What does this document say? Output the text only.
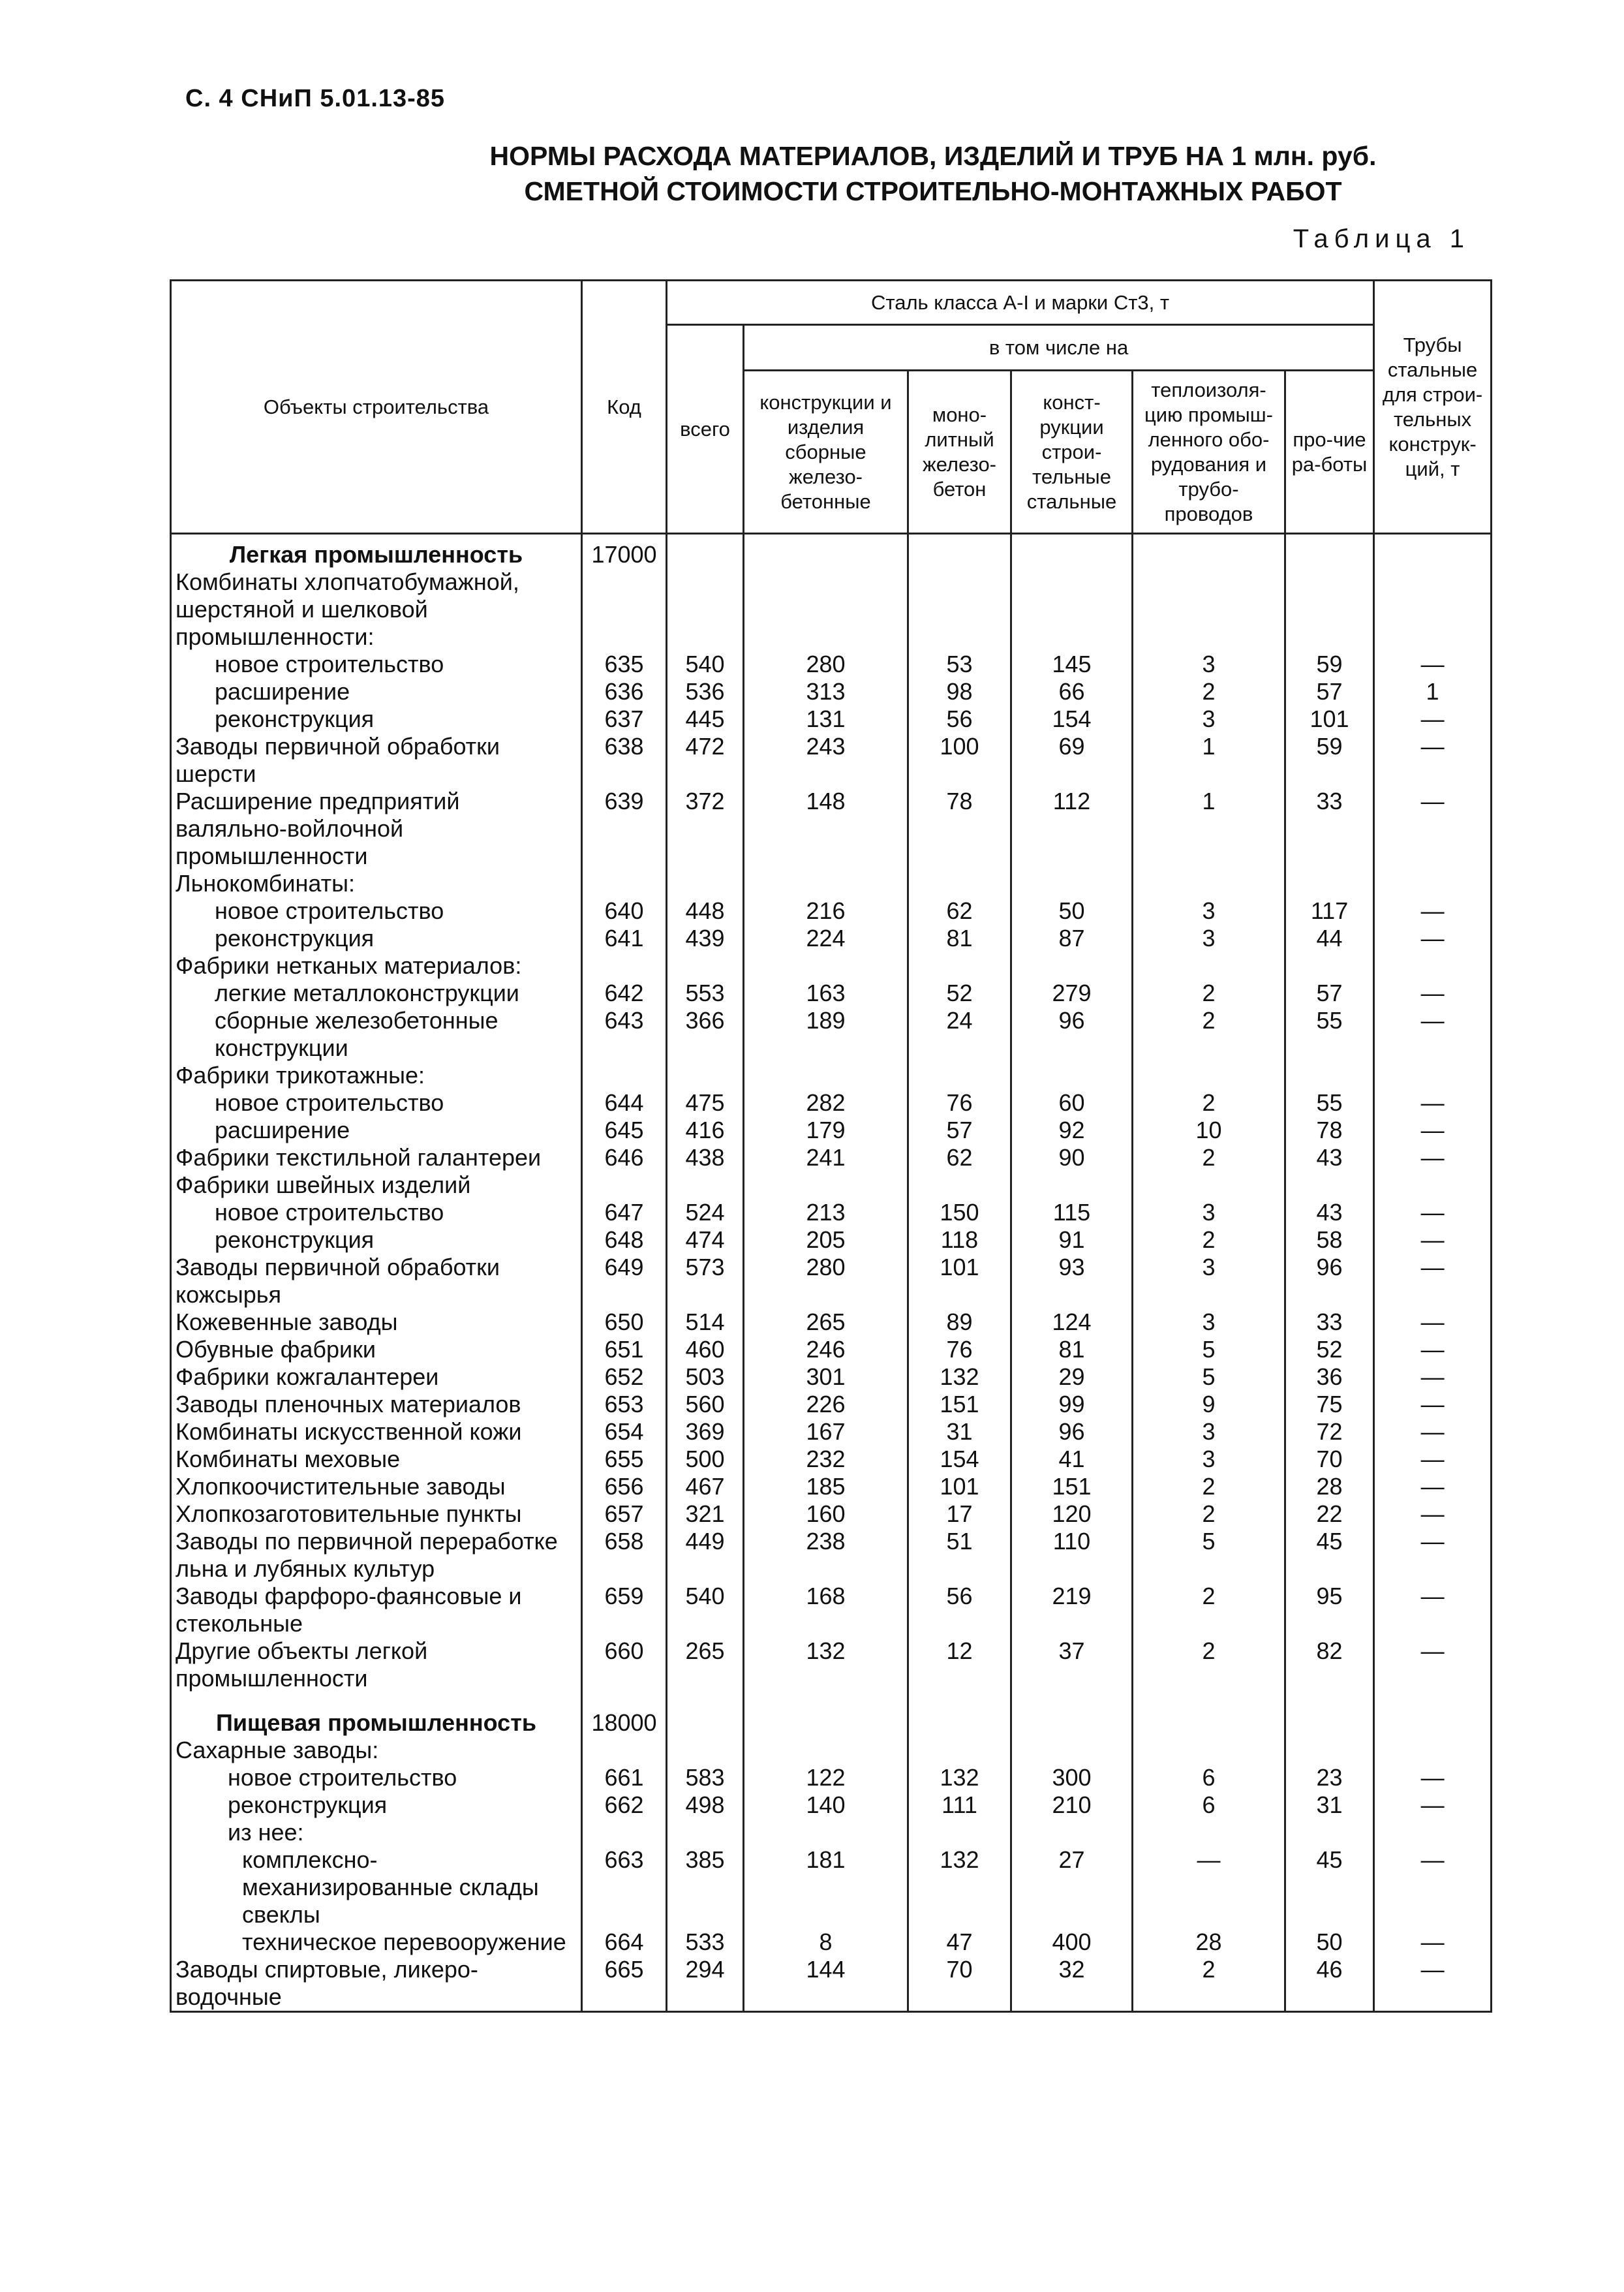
С. 4 СНиП 5.01.13-85
НОРМЫ РАСХОДА МАТЕРИАЛОВ, ИЗДЕЛИЙ И ТРУБ НА 1 млн. руб.
СМЕТНОЙ СТОИМОСТИ СТРОИТЕЛЬНО-МОНТАЖНЫХ РАБОТ
Таблица 1
Объекты строительства	Код	Сталь класса А-I и марки Ст3, т						Трубы стальные для строи-тельных конструк-ций, т
		всего	в том числе на					
			конструкции и изделия сборные железо-бетонные	моно-литный железо-бетон	конст-рукции строи-тельные стальные	теплоизоля-цию промыш-ленного обо-рудования и трубо-проводов	про-чие ра-боты	
Легкая промышленность	17000							
Комбинаты хлопчатобумажной, шерстяной и шелковой промышленности:								
новое строительство	635	540	280	53	145	3	59	—
расширение	636	536	313	98	66	2	57	1
реконструкция	637	445	131	56	154	3	101	—
Заводы первичной обработки шерсти	638	472	243	100	69	1	59	—
Расширение предприятий валяльно-войлочной промышленности	639	372	148	78	112	1	33	—
Льнокомбинаты:								
новое строительство	640	448	216	62	50	3	117	—
реконструкция	641	439	224	81	87	3	44	—
Фабрики нетканых материалов:								
легкие металлоконструкции	642	553	163	52	279	2	57	—
сборные железобетонные конструкции	643	366	189	24	96	2	55	—
Фабрики трикотажные:								
новое строительство	644	475	282	76	60	2	55	—
расширение	645	416	179	57	92	10	78	—
Фабрики текстильной галантереи	646	438	241	62	90	2	43	—
Фабрики швейных изделий								
новое строительство	647	524	213	150	115	3	43	—
реконструкция	648	474	205	118	91	2	58	—
Заводы первичной обработки кожсырья	649	573	280	101	93	3	96	—
Кожевенные заводы	650	514	265	89	124	3	33	—
Обувные фабрики	651	460	246	76	81	5	52	—
Фабрики кожгалантереи	652	503	301	132	29	5	36	—
Заводы пленочных материалов	653	560	226	151	99	9	75	—
Комбинаты искусственной кожи	654	369	167	31	96	3	72	—
Комбинаты меховые	655	500	232	154	41	3	70	—
Хлопкоочистительные заводы	656	467	185	101	151	2	28	—
Хлопкозаготовительные пункты	657	321	160	17	120	2	22	—
Заводы по первичной переработке льна и лубяных культур	658	449	238	51	110	5	45	—
Заводы фарфоро-фаянсовые и стекольные	659	540	168	56	219	2	95	—
Другие объекты легкой промышленности	660	265	132	12	37	2	82	—

Пищевая промышленность	18000							
Сахарные заводы:								
новое строительство	661	583	122	132	300	6	23	—
реконструкция	662	498	140	111	210	6	31	—
из нее:								
комплексно-механизированные склады свеклы	663	385	181	132	27	—	45	—
техническое перевооружение	664	533	8	47	400	28	50	—
Заводы спиртовые, ликеро-водочные	665	294	144	70	32	2	46	—
